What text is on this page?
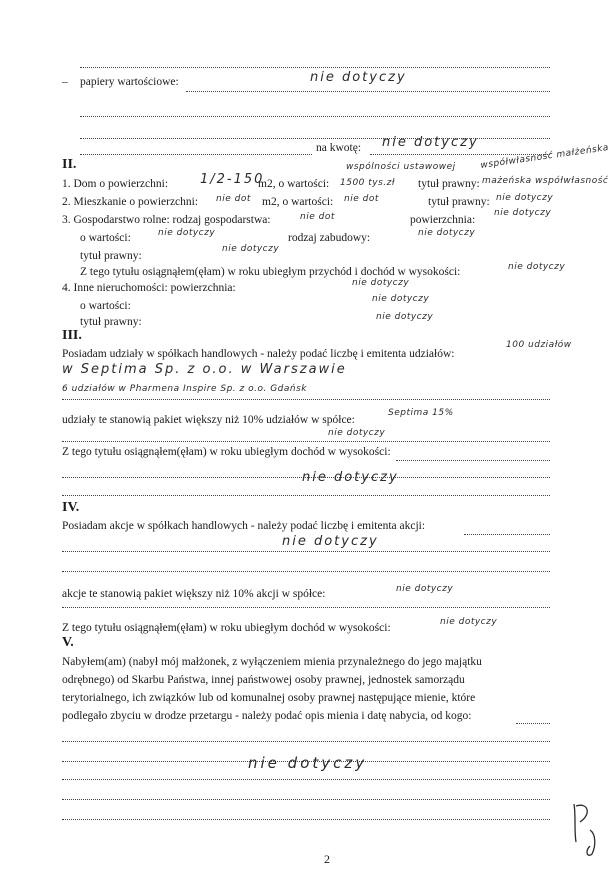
– papiery wartościowe:	nie dotyczy
na kwotę: nie dotyczy
II.	wspólności ustawowej	współwłasność małżeńska
1. Dom o powierzchni: 1/2-150
m2, o wartości: 1500 tys.zł tytuł prawny: mażeńska współwłasność
2. Mieszkanie o powierzchni: nie dot m2, o wartości: nie dot	tytuł prawny: nie dotyczy
3. Gospodarstwo rolne: rodzaj gospodarstwa:	nie dot	powierzchnia:
nie dotyczy
o wartości:	nie dotyczy	rodzaj zabudowy:	nie dotyczy
tytuł prawny:
nie dotyczy
Z tego tytułu osiągnąłem(ęłam) w roku ubiegłym przychód i dochód w wysokości:	nie dotyczy
4. Inne nieruchomości: powierzchnia:	nie dotyczy
o wartości:
nie dotyczy
tytuł prawny:	nie dotyczy
III.
Posiadam udziały w spółkach handlowych - należy podać liczbę i emitenta udziałów:
100 udziałów
w Septima Sp. z o.o. w Warszawie
6 udziałów w Pharmena Inspire Sp. z o.o. Gdańsk
udziały te stanowią pakiet większy niż 10% udziałów w spółce:
Septima 15%
nie dotyczy
Z tego tytułu osiągnąłem(ęłam) w roku ubiegłym dochód w wysokości:
nie dotyczy
IV.
Posiadam akcje w spółkach handlowych - należy podać liczbę i emitenta akcji:
nie dotyczy
akcje te stanowią pakiet większy niż 10% akcji w spółce:	nie dotyczy
Z tego tytułu osiągnąłem(ęłam) w roku ubiegłym dochód w wysokości:	nie dotyczy
V.
Nabyłem(am) (nabył mój małżonek, z wyłączeniem mienia przynależnego do jego majątku
odrębnego) od Skarbu Państwa, innej państwowej osoby prawnej, jednostek samorządu
terytorialnego, ich związków lub od komunalnej osoby prawnej następujące mienie, które
podlegało zbyciu w drodze przetargu - należy podać opis mienia i datę nabycia, od kogo:
nie dotyczy
2
